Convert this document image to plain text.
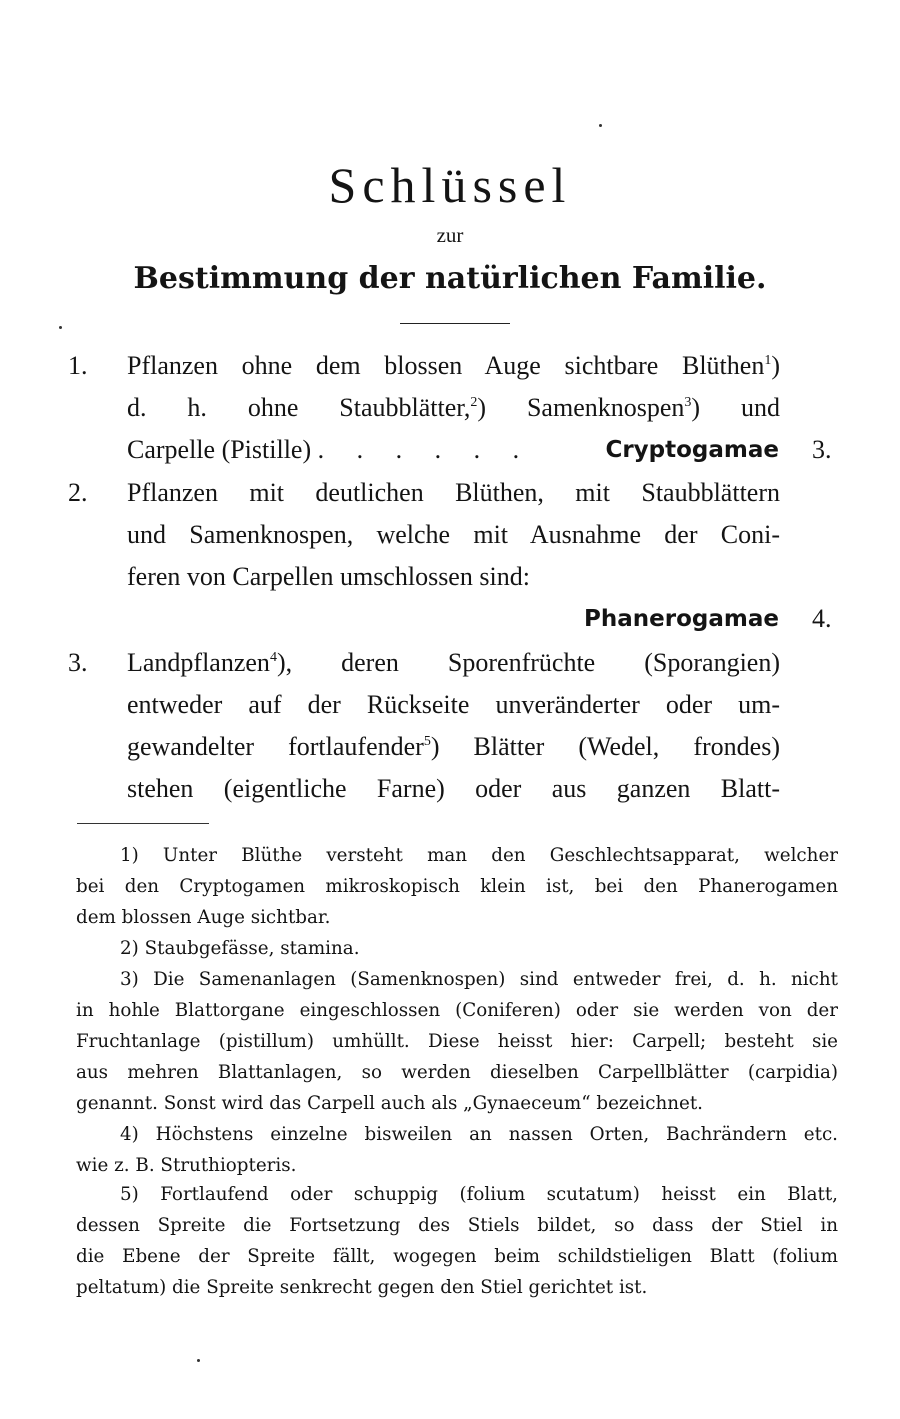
Schlüssel
zur
Bestimmung der natürlichen Familie.
1. Pflanzen ohne dem blossen Auge sichtbare Blüthen$^1$)
d. h. ohne Staubblätter,$^2$) Samenknospen$^3$) und
Carpelle (Pistille) . . . . . .	Cryptogamae 3.
2. Pflanzen mit deutlichen Blüthen, mit Staubblättern
und Samenknospen, welche mit Ausnahme der Coni-
feren von Carpellen umschlossen sind:
Phanerogamae 4.
3. Landpflanzen$^4$), deren Sporenfrüchte (Sporangien)
entweder auf der Rückseite unveränderter oder um-
gewandelter fortlaufender$^5$) Blätter (Wedel, frondes)
stehen (eigentliche Farne) oder aus ganzen Blatt-
1) Unter Blüthe versteht man den Geschlechtsapparat, welcher
bei den Cryptogamen mikroskopisch klein ist, bei den Phanerogamen
dem blossen Auge sichtbar.
2) Staubgefässe, stamina.
3) Die Samenanlagen (Samenknospen) sind entweder frei, d. h. nicht
in hohle Blattorgane eingeschlossen (Coniferen) oder sie werden von der
Fruchtanlage (pistillum) umhüllt. Diese heisst hier: Carpell; besteht sie
aus mehren Blattanlagen, so werden dieselben Carpellblätter (carpidia)
genannt. Sonst wird das Carpell auch als „Gynaeceum“ bezeichnet.
4) Höchstens einzelne bisweilen an nassen Orten, Bachrändern etc.
wie z. B. Struthiopteris.
5) Fortlaufend oder schuppig (folium scutatum) heisst ein Blatt,
dessen Spreite die Fortsetzung des Stiels bildet, so dass der Stiel in
die Ebene der Spreite fällt, wogegen beim schildstieligen Blatt (folium
peltatum) die Spreite senkrecht gegen den Stiel gerichtet ist.
